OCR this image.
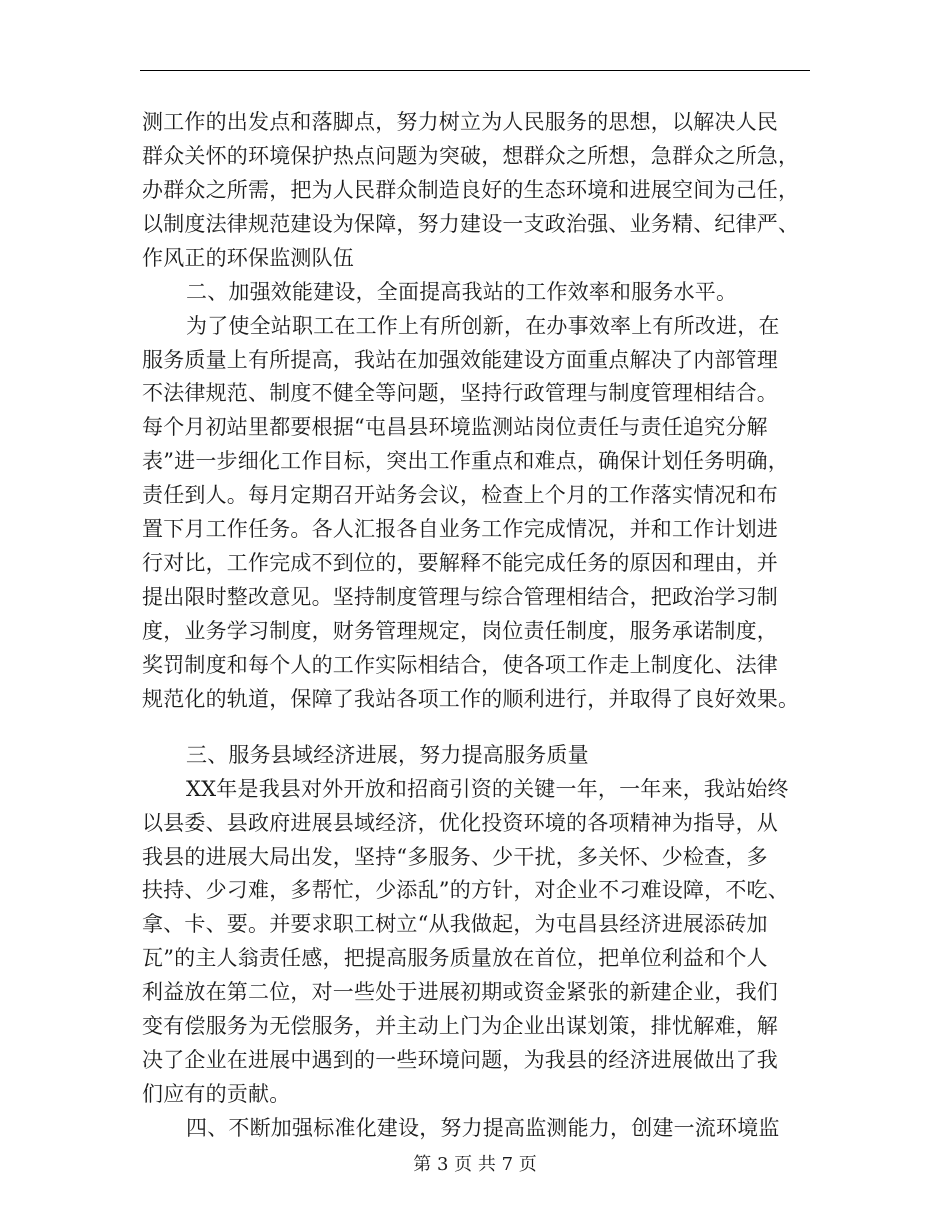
测工作的出发点和落脚点，努力树立为人民服务的思想，以解决人民
群众关怀的环境保护热点问题为突破，想群众之所想，急群众之所急，
办群众之所需，把为人民群众制造良好的生态环境和进展空间为己任，
以制度法律规范建设为保障，努力建设一支政治强、业务精、纪律严、
作风正的环保监测队伍
二、加强效能建设，全面提高我站的工作效率和服务水平。
为了使全站职工在工作上有所创新，在办事效率上有所改进，在
服务质量上有所提高，我站在加强效能建设方面重点解决了内部管理
不法律规范、制度不健全等问题，坚持行政管理与制度管理相结合。
每个月初站里都要根据“屯昌县环境监测站岗位责任与责任追究分解
表”进一步细化工作目标，突出工作重点和难点，确保计划任务明确，
责任到人。每月定期召开站务会议，检查上个月的工作落实情况和布
置下月工作任务。各人汇报各自业务工作完成情况，并和工作计划进
行对比，工作完成不到位的，要解释不能完成任务的原因和理由，并
提出限时整改意见。坚持制度管理与综合管理相结合，把政治学习制
度，业务学习制度，财务管理规定，岗位责任制度，服务承诺制度，
奖罚制度和每个人的工作实际相结合，使各项工作走上制度化、法律
规范化的轨道，保障了我站各项工作的顺利进行，并取得了良好效果。
三、服务县域经济进展，努力提高服务质量
XX年是我县对外开放和招商引资的关键一年，一年来，我站始终
以县委、县政府进展县域经济，优化投资环境的各项精神为指导，从
我县的进展大局出发，坚持“多服务、少干扰，多关怀、少检查，多
扶持、少刁难，多帮忙，少添乱”的方针，对企业不刁难设障，不吃、
拿、卡、要。并要求职工树立“从我做起，为屯昌县经济进展添砖加
瓦”的主人翁责任感，把提高服务质量放在首位，把单位利益和个人
利益放在第二位，对一些处于进展初期或资金紧张的新建企业，我们
变有偿服务为无偿服务，并主动上门为企业出谋划策，排忧解难，解
决了企业在进展中遇到的一些环境问题，为我县的经济进展做出了我
们应有的贡献。
四、不断加强标准化建设，努力提高监测能力，创建一流环境监
第 3 页 共 7 页
